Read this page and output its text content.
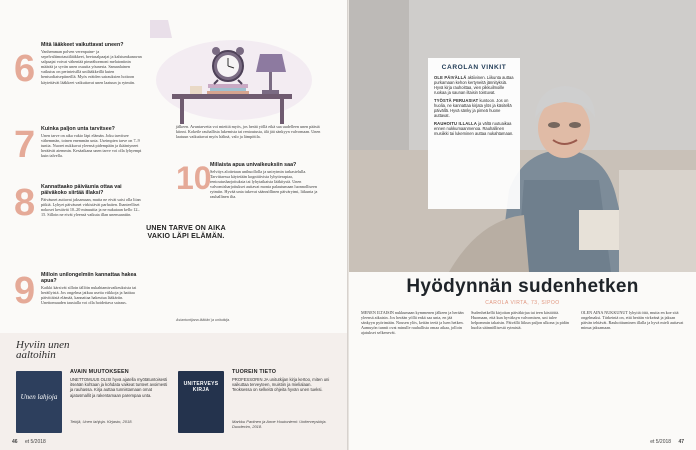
6
Mitä lääkkeet vaikuttavat uneen?

Vanhemman polven verenpaine- ja sepelvaltimotautilääkkeet, beetasalpaajat ja kalsiumkanavan salpaajat voivat vähentää pimeähormoni melatoniinin määrää ja syvän unen osuutta yöunesta. Samanlainen vaikutus on perinteisillä unilääkkeillä kuten bentsodiatsepiineillä. Myös eräiden sairauksien hoitoon käytettävät lääkkeet vaikuttavat unen laatuun ja rytmiin.

7 Kuinka paljon unta tarvitsee?

Unen tarve on aika vakio läpi elämän. Joku tarvitsee vähemmän, toinen enemmän unta. Useimpien tarve on 7–9 tuntia. Nuoret nukkuvat yleensä pidempään ja ikääntyneet heräävät aiemmin. Kesäaikana unen tarve voi olla lyhyempi kuin talvella.

8 Kannattaako päiväunia ottaa vai päiväkoko siirtää illaksi?

Päiväunet auttavat jaksamaan, mutta ne eivät saisi olla liian pitkiä. Lyhyet päiväunet virkistävät parhaiten. Ihanteelliset nokoset kestävät 10–20 minuuttia ja ne nukutaan kello 12–15. Silloin ne eivät yleensä vaikuta illan unensaantiin.

9 Milloin unilongelmiin kannattaa hakea apua?

Kaikki kärsivät silloin tällöin nukahtamisvaikeuksista tai heräilyistä. Jos ongelma jatkuu useita viikkoja ja haittaa päivittäistä elämää, kannattaa hakeutua lääkäriin. Unettomuuden taustalla voi olla hoidettava sairaus.

10
Millaista apua univaikeuksiin saa?

Selvitys aloitetaan unihuollolla ja unirytmin tarkastelulla. Tarvittaessa käytetään kognitiivista lyhytterapiaa, rentoutusharjoituksia tai lyhytaikaista lääkitystä. Unen valvomisharjoitukset auttavat monia palautumaan luonnolliseen rytmiin. Hyvää unta tukevat säännöllinen päivärytmi, liikunta ja rauhallinen ilta.

jälkeen. Avuntarvetta voi miettiä myös, jos herää yöllä eikä saa uudelleen unen päästä kiinni. Kokeile rauhallista lukemista tai rentoutusta, älä jää sänkyyn valvomaan. Unen laatuun vaikuttavat myös hälinä, valo ja lämpötila.

UNEN TARVE ON AIKA VAKIO LÄPI ELÄMÄN.
Asiantuntijana lääkäri ja unitutkija.
Hyviin unen aaltoihin
Unen lahjoja
AVAIN MUUTOKSEEN
UNETTOMUUS OLISI hyvä ajatella myötätuntoisesti itseään kohtaan ja kohdata vaikeat tunteet avoimesti ja rauhassa. Kirja auttaa tunnistamaan omat ajatusmallit ja rakentamaan parempaa unta.
Tekijä, Unen lahjoja. Kirjasto, 2018.
UNITERVEYS KIRJA
TUOREIN TIETO
PROFESSORIN JA unitutkijan kirja kertoo, miten uni vaikuttaa terveyteen, muistiin ja mielialaan. Teoksessa on selkeitä ohjeita hyvän unen tueksi.
Markku Partinen ja Anne Huutoniemi: Uniterveyskirja. Duodecim, 2018.
46 et 5/2018
CAROLAN VINKIT
OLE PÄIVÄLLÄ aktiivinen. Liikunta auttaa purkamaan kehon kertyneitä jännityksiä. Hyvä kirja rauhoittaa, vien pikkuilmoille ruokaa ja saunan iltaisin toistuvat.
TYÖSTÄ PERUASIAT kuntoon. Jos on huolia, ne kannattaa kirjata ylös ja käsitellä päivällä. Hyvä sänky ja pimeä huone auttavat.
RAUHOITU ILLALLA ja vältä ruutuaikaa ennen nukkumaanmenoa. Rauhallinen musiikki tai lukeminen auttaa nukahtamaan.
Hyödynnän sudenhetken
CAROLA VIRTA, 73, SIPOO

MENEN ILTAISIN nukkumaan kymmenen jälkeen ja herään yleensä aikaisin. Jos herään yöllä enkä saa unta, en jää sänkyyn pyörimään. Nousen ylös, keitän teetä ja luen hetken. Aamuyön tunnit ovat minulle rauhallista omaa aikaa, jolloin ajatukset selkenevät.

Sudenhetkellä kirjoitan päiväkirjaa tai teen käsitöitä. Huomaan, että kun hyväksyn valvomisen, uni tulee helpommin takaisin. Päivällä liikun paljon ulkona ja pidän huolta säännöllisestä rytmistä.

OLEN AINA NUKKUNUT lyhyitä öitä, mutta en koe sitä ongelmaksi. Tärkeintä on, että herään virkeänä ja jaksan päivän tehtävät. Rauhoittuminen illalla ja hyvä mieli auttavat minua jaksamaan.

et 5/2018 47
